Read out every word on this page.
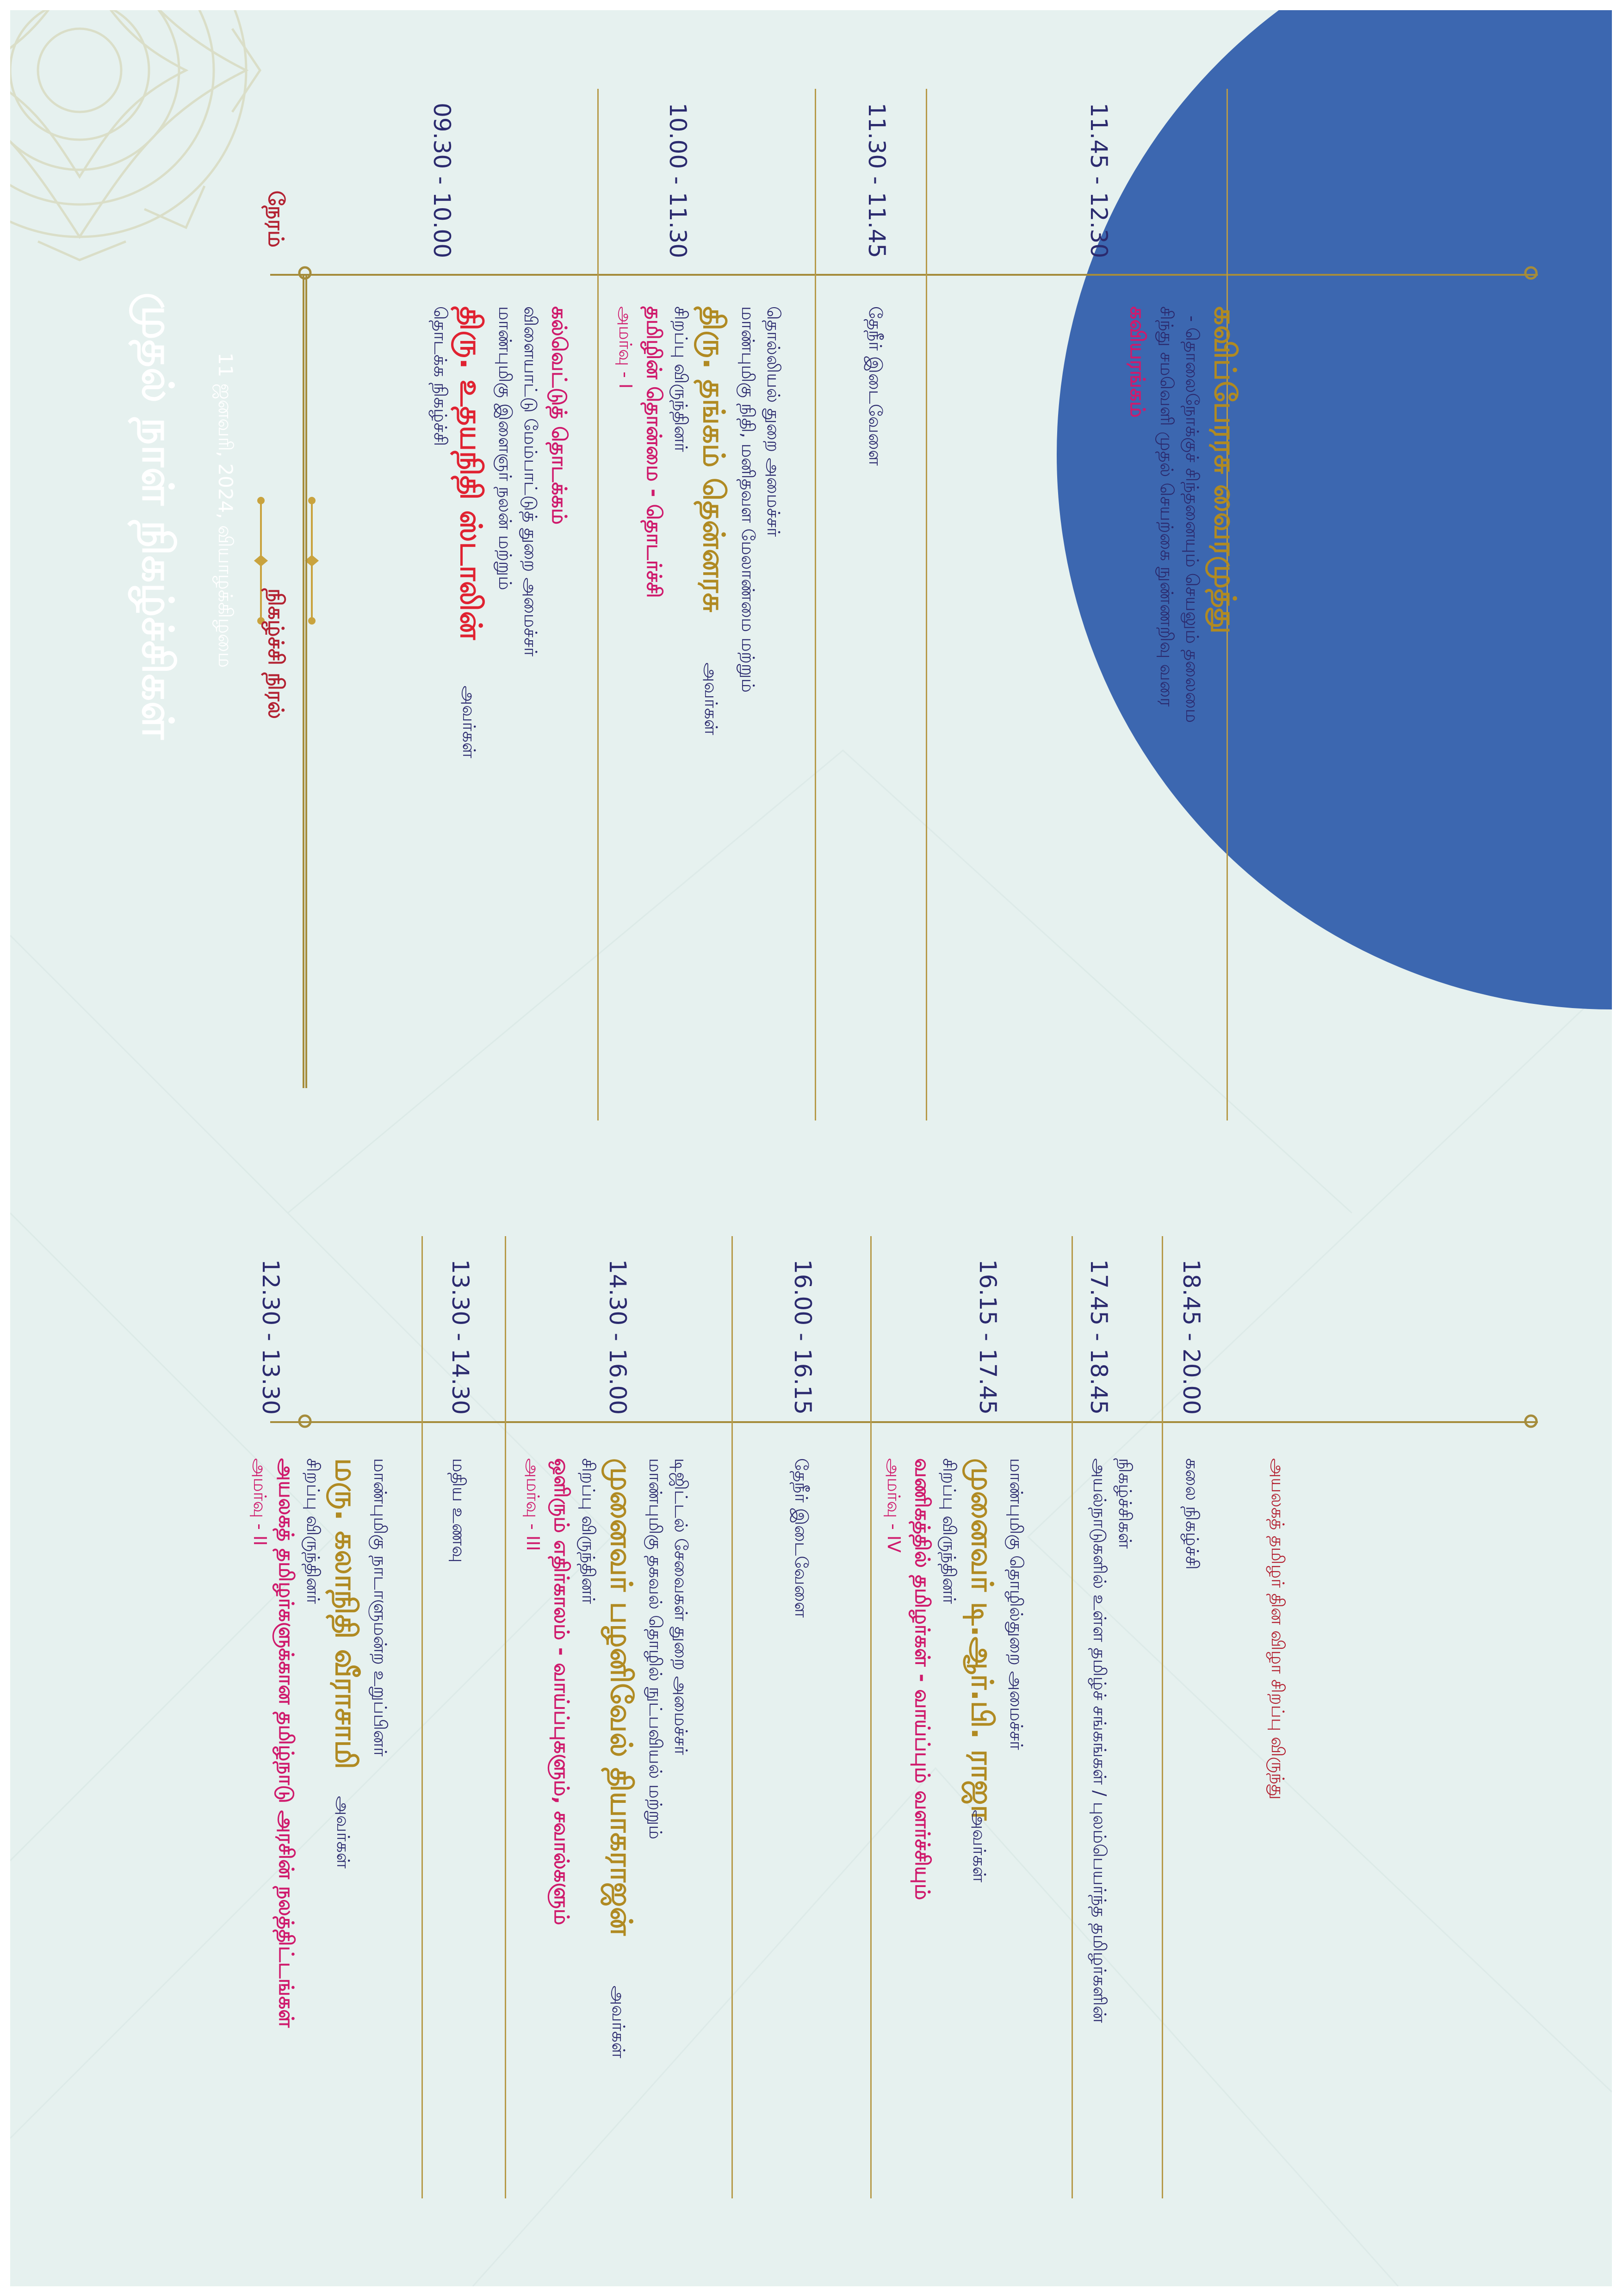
முதல் நாள் நிகழ்ச்சிகள் 11 ஜனவரி, 2024, வியாழக்கிழமை
நேரம்
நிகழ்ச்சி நிரல்
09.30 - 10.00
தொடக்க நிகழ்ச்சி திரு. உதயநிதி ஸ்டாலின்
அவர்கள்
மாண்புமிகு இளைஞர் நலன் மற்றும் விளையாட்டு மேம்பாட்டுத் துறை அமைச்சர் கல்வெட்டுத் தொடக்கம்
10.00 - 11.30
அமர்வு - I தமிழின் தொன்மை - தொடர்ச்சி சிறப்பு விருந்தினர் திரு. தங்கம் தென்னரசு
அவர்கள்
மாண்புமிகு நிதி, மனிதவள மேலாண்மை மற்றும் தொல்லியல் துறை அமைச்சர்
11.30 - 11.45
தேநீர் இடைவேளை
11.45 - 12.30
கவியரங்கம் சிந்து சமவெளி முதல் செயற்கை நுண்ணறிவு வரை - தொலைநோக்குச் சிந்தனையும் செயலும் தலைமை கவிப்பேரரசு வைரமுத்து
12.30 - 13.30
அமர்வு - II அயலகத் தமிழர்களுக்கான தமிழ்நாடு அரசின் நலத்திட்டங்கள் சிறப்பு விருந்தினர் மரு. கலாநிதி வீராசாமி
அவர்கள்
மாண்புமிகு நாடாளுமன்ற உறுப்பினர்
13.30 - 14.30
மதிய உணவு
14.30 - 16.00
அமர்வு - III ஒளிரும் எதிர்காலம் - வாய்ப்புகளும், சவால்களும் சிறப்பு விருந்தினர் முனைவர் பழனிவேல் தியாகராஜன்
அவர்கள்
மாண்புமிகு தகவல் தொழில் நுட்பவியல் மற்றும் டிஜிட்டல் சேவைகள் துறை அமைச்சர்
16.00 - 16.15
தேநீர் இடைவேளை
16.15 - 17.45
அமர்வு - IV வணிகத்தில் தமிழர்கள் - வாய்ப்பும் வளர்ச்சியும் சிறப்பு விருந்தினர் முனைவர் டி.ஆர்.பி. ராஜா
அவர்கள்
மாண்புமிகு தொழில்துறை அமைச்சர்
17.45 - 18.45
அயல்நாடுகளில் உள்ள தமிழ்ச் சங்கங்கள் / புலம்பெயர்ந்த தமிழர்களின் நிகழ்ச்சிகள்
18.45 - 20.00
கலை நிகழ்ச்சி	அயலகத் தமிழர் தின விழா சிறப்பு விருந்து
